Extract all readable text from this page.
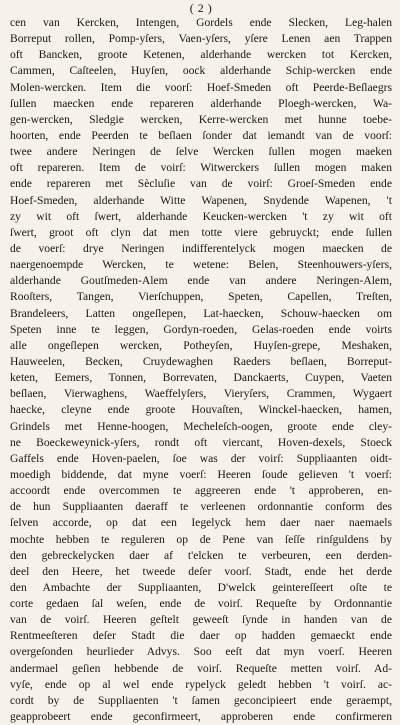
( 2 )
cen van Kercken, Intengen, Gordels ende Slecken, Leg-halen
Borreput rollen, Pomp-yſers, Vaen-yſers, yſere Lenen aen Trappen
oft Bancken, groote Ketenen, alderhande wercken tot Kercken,
Cammen, Caſteelen, Huyſen, oock alderhande Schip-wercken ende
Molen-wercken. Item die voorſ: Hoef-Smeden oft Peerde-Beſlaegrs
ſullen maecken ende repareren alderhande Ploegh-wercken, Wa-
gen-wercken, Sledgie wercken, Kerre-wercken met hunne toebe-
hoorten, ende Peerden te beſlaen ſonder dat iemandt van de voorſ:
twee andere Neringen de ſelve Wercken ſullen mogen maeken
oft repareren. Item de voirſ: Witwerckers ſullen mogen maken
ende repareren met Sècluſie van de voirſ: Groeſ-Smeden ende
Hoef-Smeden, alderhande Witte Wapenen, Snydende Wapenen, 't
zy wit oft ſwert, alderhande Keucken-wercken 't zy wit oft
ſwert, groot oft clyn dat men totte viere gebruyckt; ende ſullen
de voerſ: drye Neringen indifferentelyck mogen maecken de
naergenoempde Wercken, te wetene: Belen, Steenhouwers-yſers,
alderhande Goutſmeden-Alem ende van andere Neringen-Alem,
Rooſters, Tangen, Vierſchuppen, Speten, Capellen, Treſten,
Brandeleers, Latten ongeſlepen, Lat-haecken, Schouw-haecken om
Speten inne te leggen, Gordyn-roeden, Gelas-roeden ende voirts
alle ongeſlepen wercken, Potheyſen, Huyſen-grepe, Meshaken,
Hauweelen, Becken, Cruydewaghen Raeders beſlaen, Borreput-
keten, Eemers, Tonnen, Borrevaten, Danckaerts, Cuypen, Vaeten
beſlaen, Vierwaghens, Waeffelyſers, Vieryſers, Crammen, Wygaert
haecke, cleyne ende groote Houvaſten, Winckel-haecken, hamen,
Grindels met Henne-hoogen, Mecheleſch-oogen, groote ende cley-
ne Boeckeweynick-yſers, rondt oft viercant, Hoven-dexels, Stoeck
Gaffels ende Hoven-paelen, ſoe was der voirſ: Suppliaanten oidt-
moedigh biddende, dat myne voerſ: Heeren ſoude gelieven 't voerſ:
accoordt ende overcommen te aggreeren ende 't approberen, en-
de hun Suppliaanten daeraff te verleenen ordonnantie conform des
ſelven accorde, op dat een Iegelyck hem daer naer naemaels
mochte hebben te reguleren op de Pene van ſeſſe rinſguldens by
den gebreckelycken daer af t'elcken te verbeuren, een derden-
deel den Heere, het tweede deſer voorſ. Stadt, ende het derde
den Ambachte der Suppliaanten, D'welck geintereſſeert oſte te
corte gedaen ſal weſen, ende de voirſ. Requeſte by Ordonnantie
van de voirſ. Heeren geſtelt geweeſt ſynde in handen van de
Rentmeeſteren deſer Stadt die daer op hadden gemaeckt ende
overgeſonden heurlieder Advys. Soo eeſt dat myn voerſ. Heeren
andermael geſien hebbende de voirſ. Requeſte metten voirſ. Ad-
vyſe, ende op al wel ende rypelyck geledt hebben 't voirſ. ac-
cordt by de Suppliaenten 't ſamen geconcipieert ende geraempt,
geapprobeert ende geconfirmeert, approberen ende confirmeren
